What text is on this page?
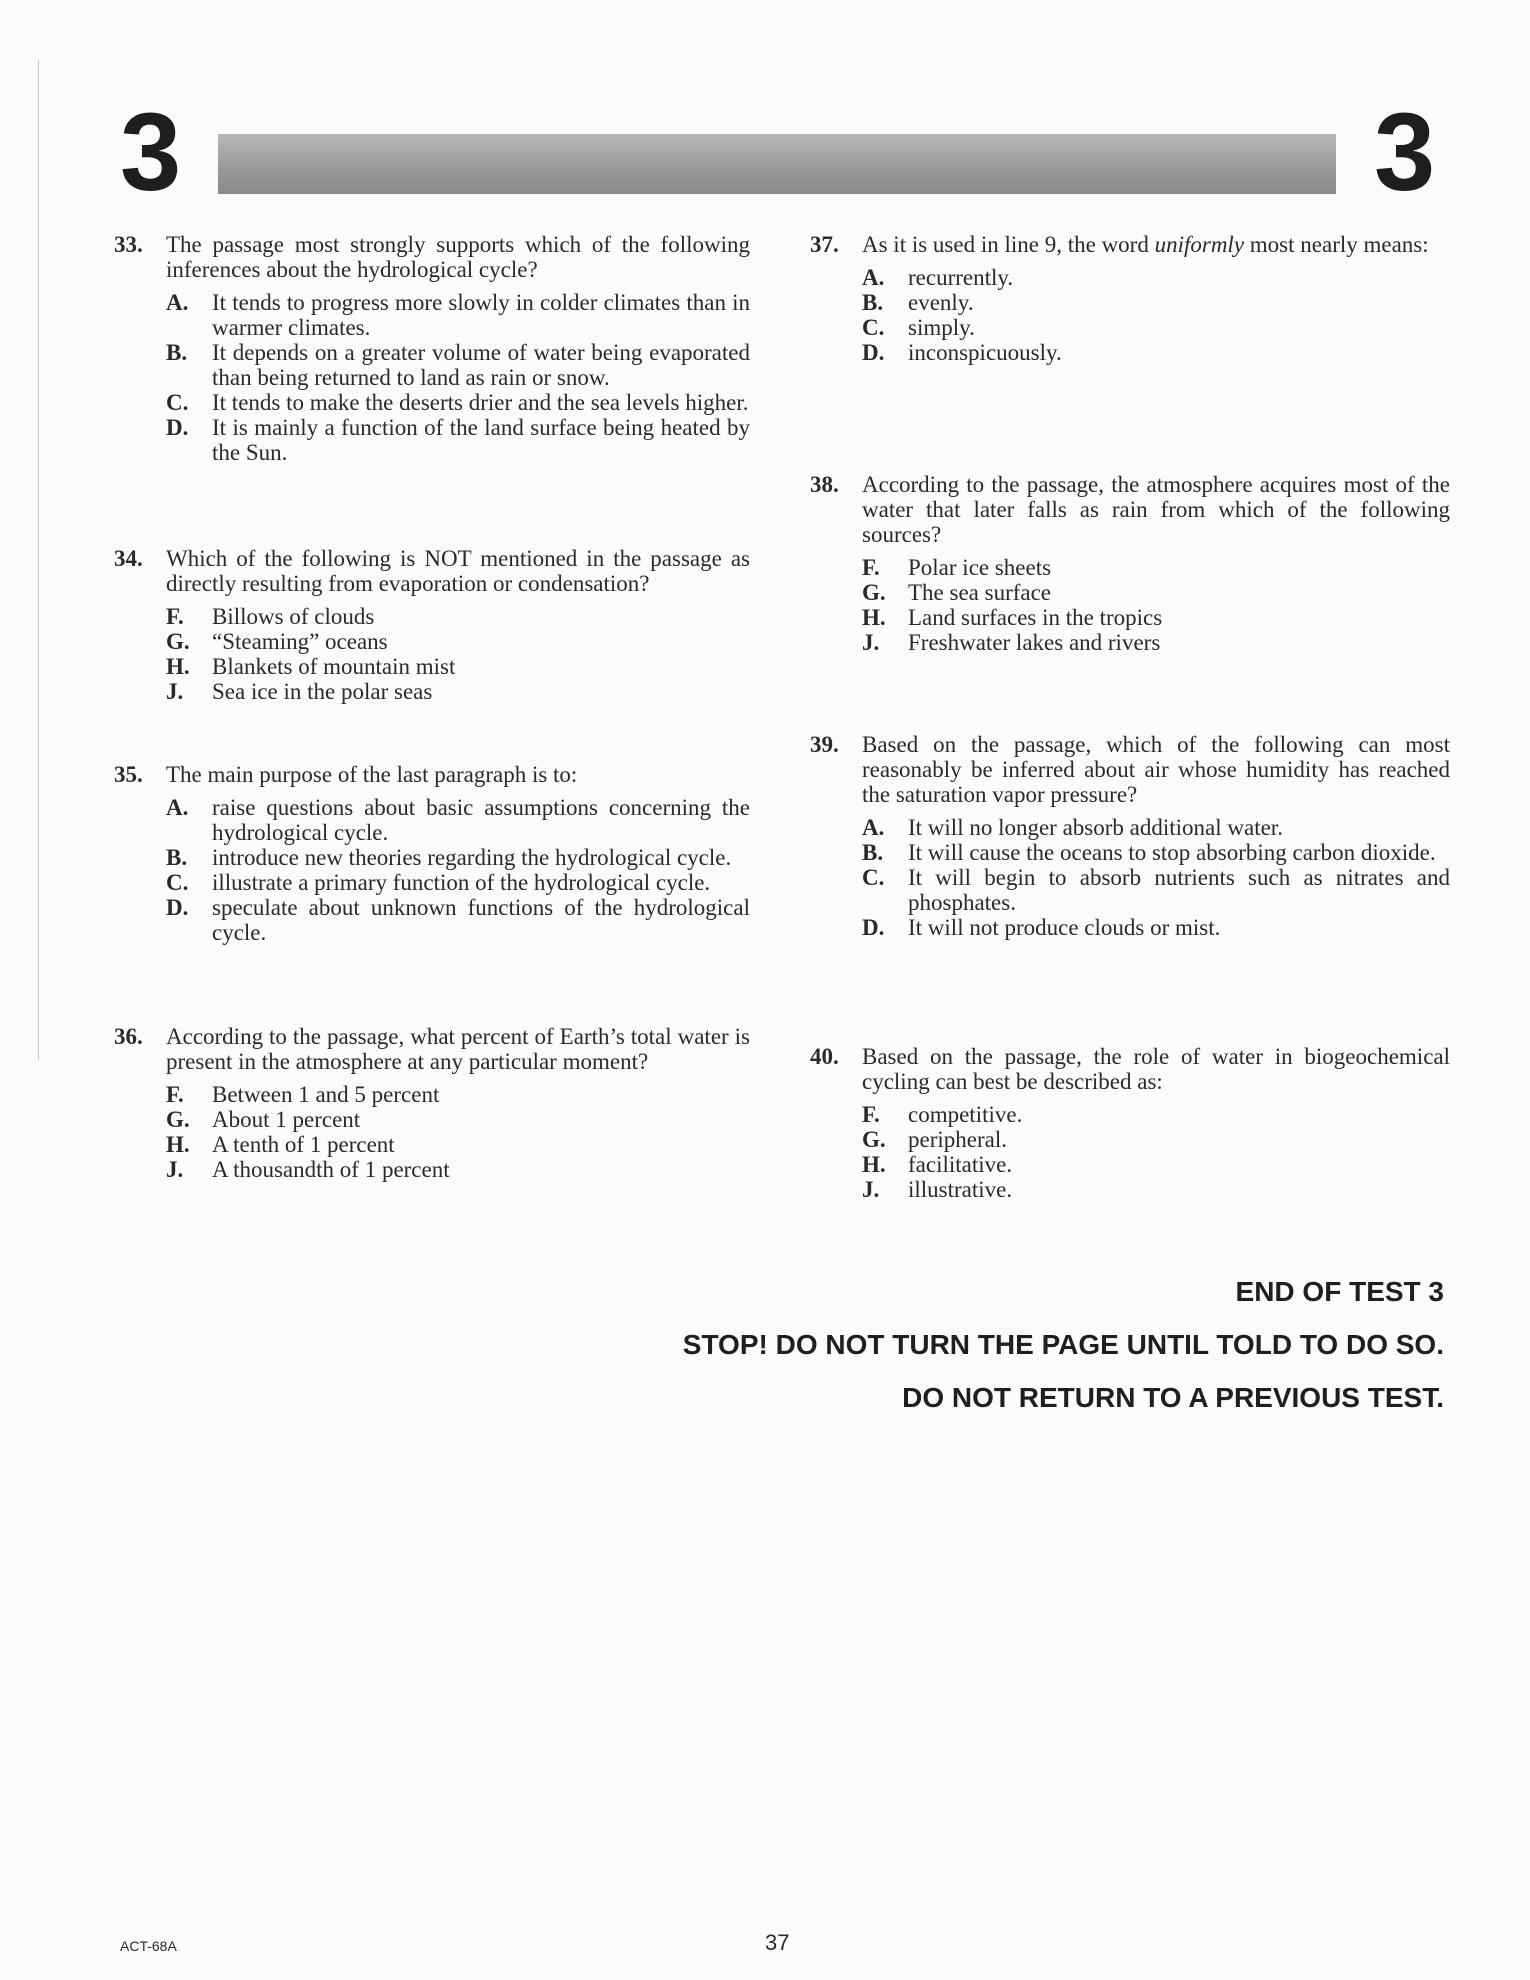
3	3
33.	The passage most strongly supports which of the following inferences about the hydrological cycle?
A.	It tends to progress more slowly in colder climates than in warmer climates.
B.	It depends on a greater volume of water being evaporated than being returned to land as rain or snow.
C.	It tends to make the deserts drier and the sea levels higher.
D.	It is mainly a function of the land surface being heated by the Sun.
34.	Which of the following is NOT mentioned in the passage as directly resulting from evaporation or condensation?
F.	Billows of clouds
G. “Steaming” oceans
H. Blankets of mountain mist
J.	Sea ice in the polar seas
35.	The main purpose of the last paragraph is to:
A.	raise questions about basic assumptions concerning the hydrological cycle.
B.	introduce new theories regarding the hydrological cycle.
C.	illustrate a primary function of the hydrological cycle.
D.	speculate about unknown functions of the hydrological cycle.
36.	According to the passage, what percent of Earth’s total water is present in the atmosphere at any particular moment?
F.	Between 1 and 5 percent
G. About 1 percent
H. A tenth of 1 percent
J.	A thousandth of 1 percent
37.	As it is used in line 9, the word uniformly most nearly means:
A.	recurrently.
B.	evenly.
C.	simply.
D.	inconspicuously.
38.	According to the passage, the atmosphere acquires most of the water that later falls as rain from which of the following sources?
F.	Polar ice sheets
G. The sea surface
H. Land surfaces in the tropics
J.	Freshwater lakes and rivers
39.	Based on the passage, which of the following can most reasonably be inferred about air whose humidity has reached the saturation vapor pressure?
A.	It will no longer absorb additional water.
B.	It will cause the oceans to stop absorbing carbon dioxide.
C.	It will begin to absorb nutrients such as nitrates and phosphates.
D.	It will not produce clouds or mist.
40.	Based on the passage, the role of water in biogeochemical cycling can best be described as:
F.	competitive.
G. peripheral.
H. facilitative.
J.	illustrative.
END OF TEST 3
STOP! DO NOT TURN THE PAGE UNTIL TOLD TO DO SO.
DO NOT RETURN TO A PREVIOUS TEST.
ACT-68A	37
